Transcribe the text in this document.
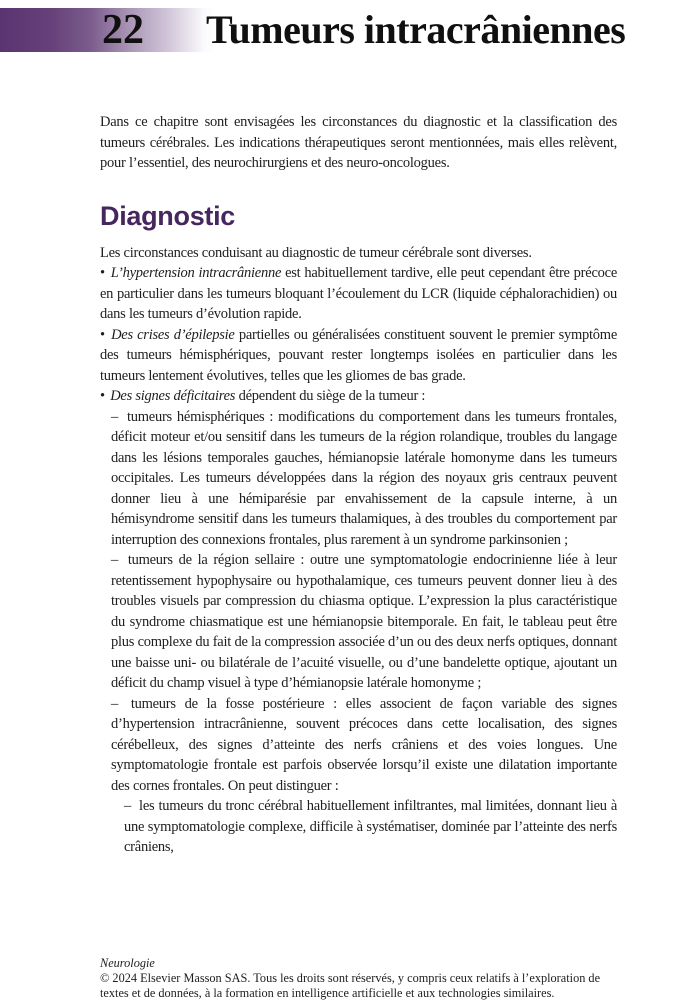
22 Tumeurs intracrâniennes

Dans ce chapitre sont envisagées les circonstances du diagnostic et la classification des tumeurs cérébrales. Les indications thérapeutiques seront mentionnées, mais elles relèvent, pour l’essentiel, des neurochirurgiens et des neuro-oncologues.

Diagnostic

Les circonstances conduisant au diagnostic de tumeur cérébrale sont diverses.

• L’hypertension intracrânienne est habituellement tardive, elle peut cependant être précoce en particulier dans les tumeurs bloquant l’écoulement du LCR (liquide céphalorachidien) ou dans les tumeurs d’évolution rapide.

• Des crises d’épilepsie partielles ou généralisées constituent souvent le premier symptôme des tumeurs hémisphériques, pouvant rester longtemps isolées en particulier dans les tumeurs lentement évolutives, telles que les gliomes de bas grade.

• Des signes déficitaires dépendent du siège de la tumeur :

– tumeurs hémisphériques : modifications du comportement dans les tumeurs frontales, déficit moteur et/ou sensitif dans les tumeurs de la région rolandique, troubles du langage dans les lésions temporales gauches, hémianopsie latérale homonyme dans les tumeurs occipitales. Les tumeurs développées dans la région des noyaux gris centraux peuvent donner lieu à une hémiparésie par envahissement de la capsule interne, à un hémisyndrome sensitif dans les tumeurs thalamiques, à des troubles du comportement par interruption des connexions frontales, plus rarement à un syndrome parkinsonien ;

– tumeurs de la région sellaire : outre une symptomatologie endocrinienne liée à leur retentissement hypophysaire ou hypothalamique, ces tumeurs peuvent donner lieu à des troubles visuels par compression du chiasma optique. L’expression la plus caractéristique du syndrome chiasmatique est une hémianopsie bitemporale. En fait, le tableau peut être plus complexe du fait de la compression associée d’un ou des deux nerfs optiques, donnant une baisse uni- ou bilatérale de l’acuité visuelle, ou d’une bandelette optique, ajoutant un déficit du champ visuel à type d’hémianopsie latérale homonyme ;

– tumeurs de la fosse postérieure : elles associent de façon variable des signes d’hypertension intracrânienne, souvent précoces dans cette localisation, des signes cérébelleux, des signes d’atteinte des nerfs crâniens et des voies longues. Une symptomatologie frontale est parfois observée lorsqu’il existe une dilatation importante des cornes frontales. On peut distinguer :

– les tumeurs du tronc cérébral habituellement infiltrantes, mal limitées, donnant lieu à une symptomatologie complexe, difficile à systématiser, dominée par l’atteinte des nerfs crâniens,

Neurologie

© 2024 Elsevier Masson SAS. Tous les droits sont réservés, y compris ceux relatifs à l’exploration de textes et de données, à la formation en intelligence artificielle et aux technologies similaires.
